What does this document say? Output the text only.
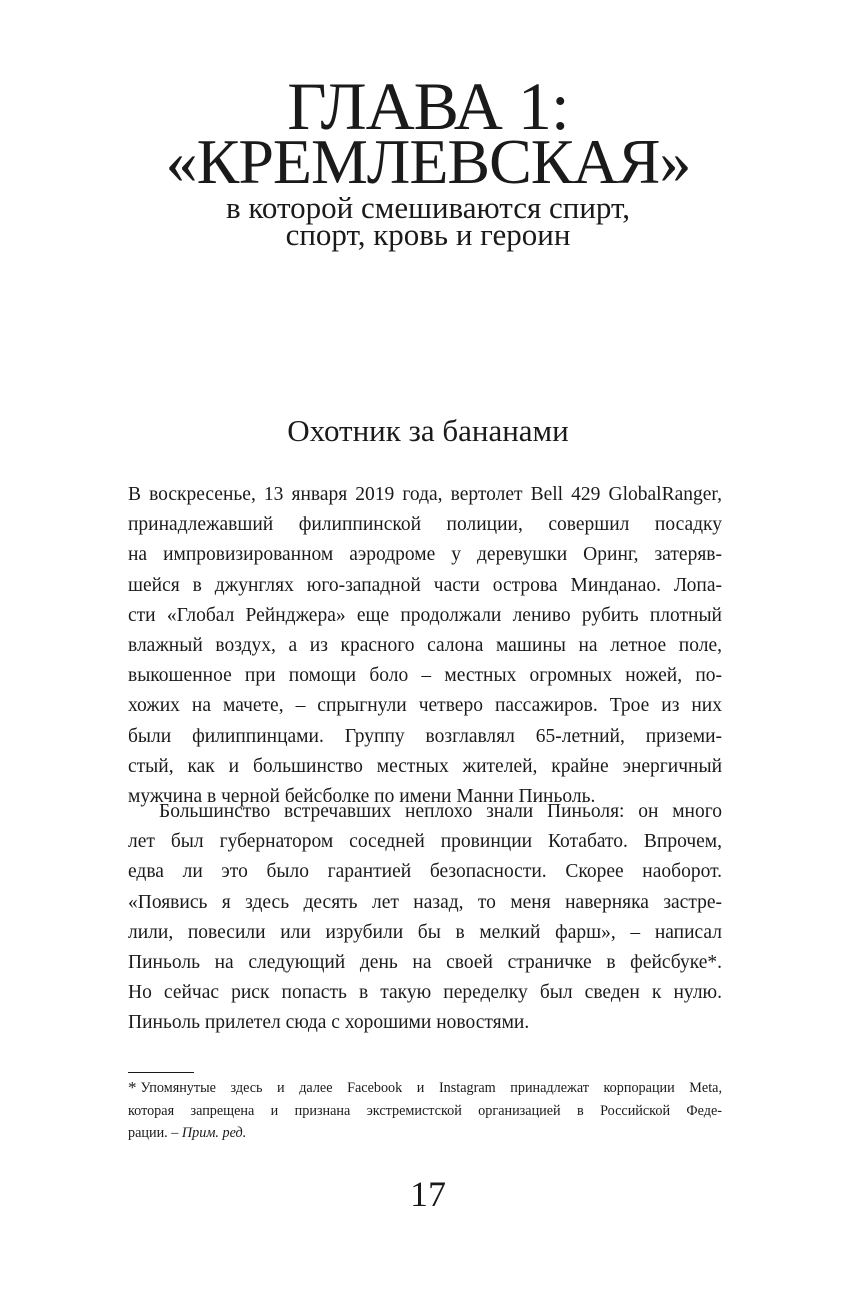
ГЛАВА 1:
«КРЕМЛЕВСКАЯ»
в которой смешиваются спирт,
спорт, кровь и героин
Охотник за бананами
В воскресенье, 13 января 2019 года, вертолет Bell 429 GlobalRanger,
принадлежавший филиппинской полиции, совершил посадку
на импровизированном аэродроме у деревушки Оринг, затеряв-
шейся в джунглях юго-западной части острова Минданао. Лопа-
сти «Глобал Рейнджера» еще продолжали лениво рубить плотный
влажный воздух, а из красного салона машины на летное поле,
выкошенное при помощи боло – местных огромных ножей, по-
хожих на мачете, – спрыгнули четверо пассажиров. Трое из них
были филиппинцами. Группу возглавлял 65-летний, приземи-
стый, как и большинство местных жителей, крайне энергичный
мужчина в черной бейсболке по имени Манни Пиньоль.
Большинство встречавших неплохо знали Пиньоля: он много
лет был губернатором соседней провинции Котабато. Впрочем,
едва ли это было гарантией безопасности. Скорее наоборот.
«Появись я здесь десять лет назад, то меня наверняка застре-
лили, повесили или изрубили бы в мелкий фарш», – написал
Пиньоль на следующий день на своей страничке в фейсбуке*.
Но сейчас риск попасть в такую переделку был сведен к нулю.
Пиньоль прилетел сюда с хорошими новостями.
* Упомянутые здесь и далее Facebook и Instagram принадлежат корпорации Meta,
которая запрещена и признана экстремистской организацией в Российской Феде-
рации. – Прим. ред.
17
